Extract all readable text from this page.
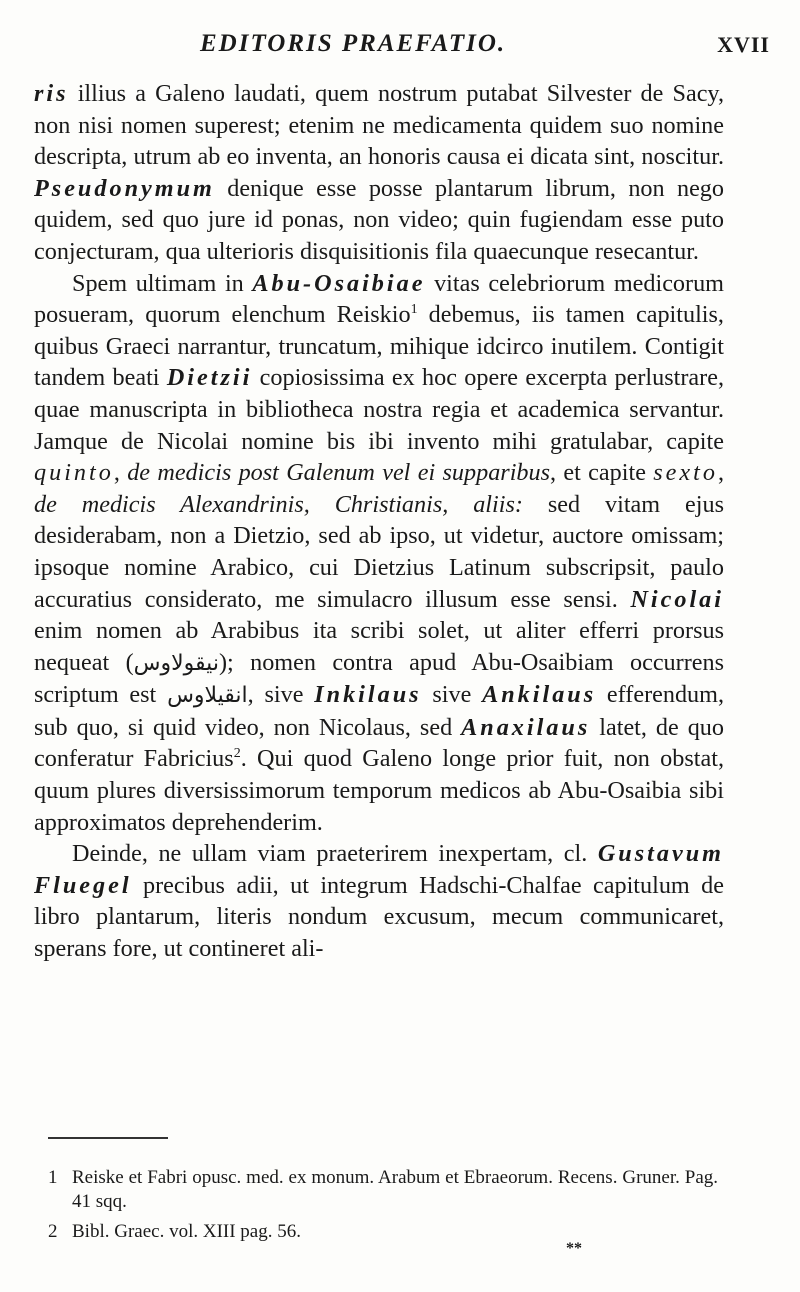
EDITORIS PRAEFATIO.	XVII

ris illius a Galeno laudati, quem nostrum putabat Silvester de Sacy, non nisi nomen superest; etenim ne medicamenta quidem suo nomine descripta, utrum ab eo inventa, an honoris causa ei dicata sint, noscitur. Pseudonymum denique esse posse plantarum librum, non nego quidem, sed quo jure id ponas, non video; quin fugiendam esse puto conjecturam, qua ulterioris disquisitionis fila quaecunque resecantur.

Spem ultimam in Abu-Osaibiae vitas celebriorum medicorum posueram, quorum elenchum Reiskio$^1$ debemus, iis tamen capitulis, quibus Graeci narrantur, truncatum, mihique idcirco inutilem. Contigit tandem beati Dietzii copiosissima ex hoc opere excerpta perlustrare, quae manuscripta in bibliotheca nostra regia et academica servantur. Jamque de Nicolai nomine bis ibi invento mihi gratulabar, capite quinto, de medicis post Galenum vel ei supparibus, et capite sexto, de medicis Alexandrinis, Christianis, aliis: sed vitam ejus desiderabam, non a Dietzio, sed ab ipso, ut videtur, auctore omissam; ipsoque nomine Arabico, cui Dietzius Latinum subscripsit, paulo accuratius considerato, me simulacro illusum esse sensi. Nicolai enim nomen ab Arabibus ita scribi solet, ut aliter efferri prorsus nequeat (نيقولاوس); nomen contra apud Abu-Osaibiam occurrens scriptum est انقيلاوس, sive Inkilaus sive Ankilaus efferendum, sub quo, si quid video, non Nicolaus, sed Anaxilaus latet, de quo conferatur Fabricius$^2$. Qui quod Galeno longe prior fuit, non obstat, quum plures diversissimorum temporum medicos ab Abu-Osaibia sibi approximatos deprehenderim.

Deinde, ne ullam viam praeterirem inexpertam, cl. Gustavum Fluegel precibus adii, ut integrum Hadschi-Chalfae capitulum de libro plantarum, literis nondum excusum, mecum communicaret, sperans fore, ut contineret ali-

1 Reiske et Fabri opusc. med. ex monum. Arabum et Ebraeorum. Recens. Gruner. Pag. 41 sqq.

2 Bibl. Graec. vol. XIII pag. 56.

**
